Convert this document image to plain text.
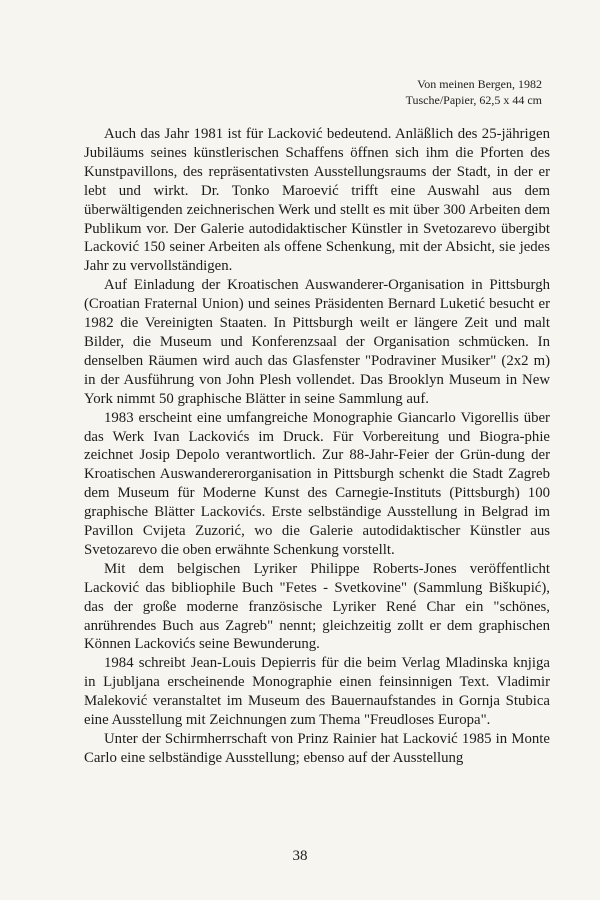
Von meinen Bergen, 1982
Tusche/Papier, 62,5 x 44 cm

Auch das Jahr 1981 ist für Lacković bedeutend. Anläßlich des 25-jährigen Jubiläums seines künstlerischen Schaffens öffnen sich ihm die Pforten des Kunstpavillons, des repräsentativsten Ausstellungsraums der Stadt, in der er lebt und wirkt. Dr. Tonko Maroević trifft eine Auswahl aus dem überwältigenden zeichnerischen Werk und stellt es mit über 300 Arbeiten dem Publikum vor. Der Galerie autodidaktischer Künstler in Svetozarevo übergibt Lacković 150 seiner Arbeiten als offene Schenkung, mit der Absicht, sie jedes Jahr zu vervollständigen.

Auf Einladung der Kroatischen Auswanderer-Organisation in Pittsburgh (Croatian Fraternal Union) und seines Präsidenten Bernard Luketić besucht er 1982 die Vereinigten Staaten. In Pittsburgh weilt er längere Zeit und malt Bilder, die Museum und Konferenzsaal der Organisation schmücken. In denselben Räumen wird auch das Glasfenster "Podraviner Musiker" (2x2 m) in der Ausführung von John Plesh vollendet. Das Brooklyn Museum in New York nimmt 50 graphische Blätter in seine Sammlung auf.

1983 erscheint eine umfangreiche Monographie Giancarlo Vigorellis über das Werk Ivan Lackovićs im Druck. Für Vorbereitung und Biogra-phie zeichnet Josip Depolo verantwortlich. Zur 88-Jahr-Feier der Grün-dung der Kroatischen Auswandererorganisation in Pittsburgh schenkt die Stadt Zagreb dem Museum für Moderne Kunst des Carnegie-Instituts (Pittsburgh) 100 graphische Blätter Lackovićs. Erste selbständige Ausstellung in Belgrad im Pavillon Cvijeta Zuzorić, wo die Galerie autodidaktischer Künstler aus Svetozarevo die oben erwähnte Schenkung vorstellt.

Mit dem belgischen Lyriker Philippe Roberts-Jones veröffentlicht Lacković das bibliophile Buch "Fetes - Svetkovine" (Sammlung Biškupić), das der große moderne französische Lyriker René Char ein "schönes, anrührendes Buch aus Zagreb" nennt; gleichzeitig zollt er dem graphischen Können Lackovićs seine Bewunderung.

1984 schreibt Jean-Louis Depierris für die beim Verlag Mladinska knjiga in Ljubljana erscheinende Monographie einen feinsinnigen Text. Vladimir Maleković veranstaltet im Museum des Bauernaufstandes in Gornja Stubica eine Ausstellung mit Zeichnungen zum Thema "Freudloses Europa".

Unter der Schirmherrschaft von Prinz Rainier hat Lacković 1985 in Monte Carlo eine selbständige Ausstellung; ebenso auf der Ausstellung

38
